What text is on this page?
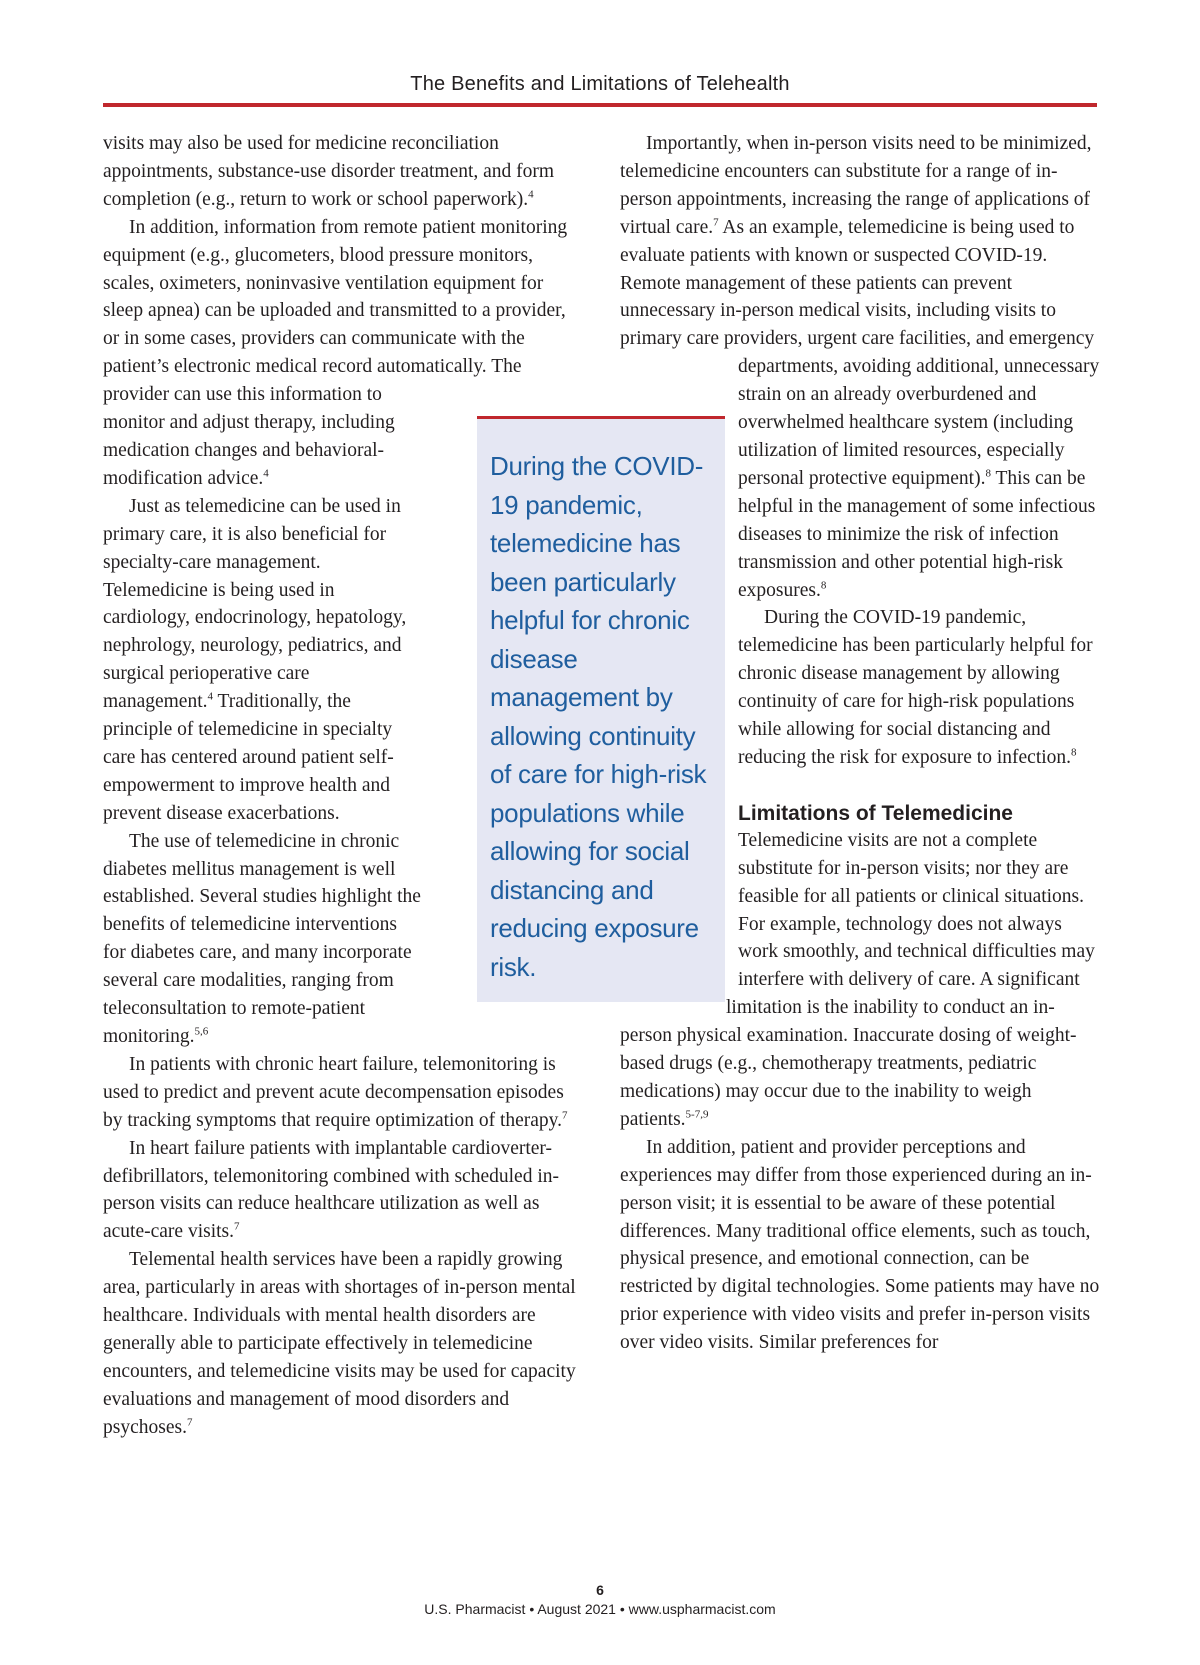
The Benefits and Limitations of Telehealth

visits may also be used for medicine reconciliation appointments, substance-use disorder treatment, and form completion (e.g., return to work or school paperwork).$^4$

In addition, information from remote patient monitoring equipment (e.g., glucometers, blood pressure monitors, scales, oximeters, noninvasive ventilation equipment for sleep apnea) can be uploaded and transmitted to a provider, or in some cases, providers can communicate with the patient’s electronic medical record automatically. The provider can use this information to monitor and adjust therapy, including medication changes and behavioral-modification advice.$^4$

Just as telemedicine can be used in primary care, it is also beneficial for specialty-care management. Telemedicine is being used in cardiology, endocrinology, hepatology, nephrology, neurology, pediatrics, and surgical perioperative care management.$^4$ Traditionally, the principle of telemedicine in specialty care has centered around patient self-empowerment to improve health and prevent disease exacerbations.

The use of telemedicine in chronic diabetes mellitus management is well established. Several studies highlight the benefits of telemedicine interventions for diabetes care, and many incorporate several care modalities, ranging from teleconsultation to remote-patient monitoring.$^{5,6}$

In patients with chronic heart failure, telemonitoring is used to predict and prevent acute decompensation episodes by tracking symptoms that require optimization of therapy.$^7$

In heart failure patients with implantable cardioverter-defibrillators, telemonitoring combined with scheduled in-person visits can reduce healthcare utilization as well as acute-care visits.$^7$

Telemental health services have been a rapidly growing area, particularly in areas with shortages of in-person mental healthcare. Individuals with mental health disorders are generally able to participate effectively in telemedicine encounters, and telemedicine visits may be used for capacity evaluations and management of mood disorders and psychoses.$^7$

During the COVID-19 pandemic, telemedicine has been particularly helpful for chronic disease management by allowing continuity of care for high-risk populations while allowing for social distancing and reducing exposure risk.

Importantly, when in-person visits need to be minimized, telemedicine encounters can substitute for a range of in-person appointments, increasing the range of applications of virtual care.$^7$ As an example, telemedicine is being used to evaluate patients with known or suspected COVID-19. Remote management of these patients can prevent unnecessary in-person medical visits, including visits to primary care providers, urgent care facilities, and emergency departments, avoiding additional, unnecessary strain on an already overburdened and overwhelmed healthcare system (including utilization of limited resources, especially personal protective equipment).$^8$ This can be helpful in the management of some infectious diseases to minimize the risk of infection transmission and other potential high-risk exposures.$^8$

During the COVID-19 pandemic, telemedicine has been particularly helpful for chronic disease management by allowing continuity of care for high-risk populations while allowing for social distancing and reducing the risk for exposure to infection.$^8$

Limitations of Telemedicine

Telemedicine visits are not a complete substitute for in-person visits; nor they are feasible for all patients or clinical situations. For example, technology does not always work smoothly, and technical difficulties may interfere with delivery of care. A significant limitation is the inability to conduct an in-person physical examination. Inaccurate dosing of weight-based drugs (e.g., chemotherapy treatments, pediatric medications) may occur due to the inability to weigh patients.$^{5-7,9}$

In addition, patient and provider perceptions and experiences may differ from those experienced during an in-person visit; it is essential to be aware of these potential differences. Many traditional office elements, such as touch, physical presence, and emotional connection, can be restricted by digital technologies. Some patients may have no prior experience with video visits and prefer in-person visits over video visits. Similar preferences for

6
U.S. Pharmacist • August 2021 • www.uspharmacist.com
